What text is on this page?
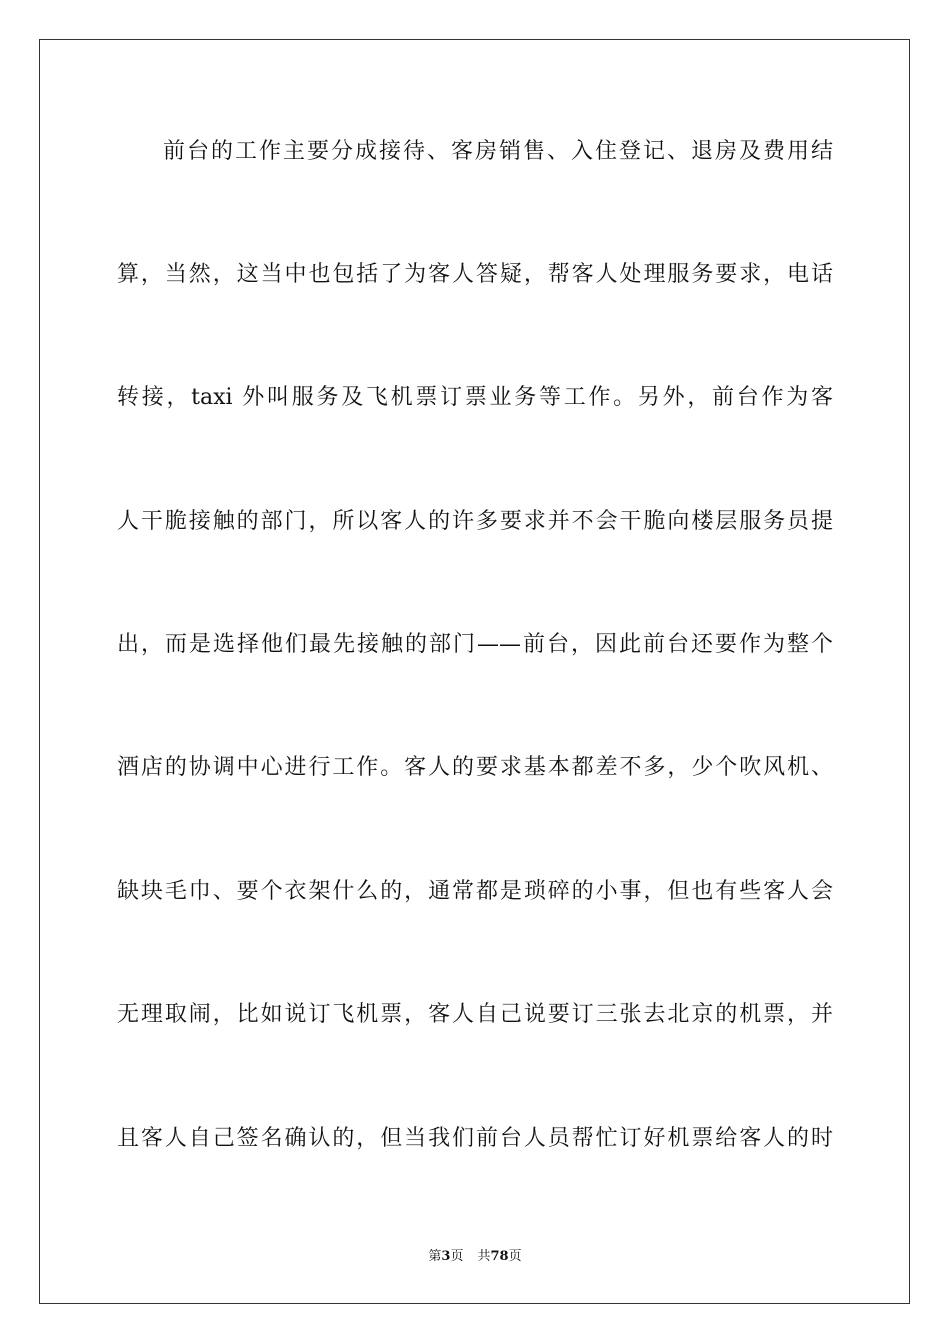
前台的工作主要分成接待、客房销售、入住登记、退房及费用结
算，当然，这当中也包括了为客人答疑，帮客人处理服务要求，电话
转接，taxi 外叫服务及飞机票订票业务等工作。另外，前台作为客
人干脆接触的部门，所以客人的许多要求并不会干脆向楼层服务员提
出，而是选择他们最先接触的部门——前台，因此前台还要作为整个
酒店的协调中心进行工作。客人的要求基本都差不多，少个吹风机、
缺块毛巾、要个衣架什么的，通常都是琐碎的小事，但也有些客人会
无理取闹，比如说订飞机票，客人自己说要订三张去北京的机票，并
且客人自己签名确认的，但当我们前台人员帮忙订好机票给客人的时
第3页 共78页
